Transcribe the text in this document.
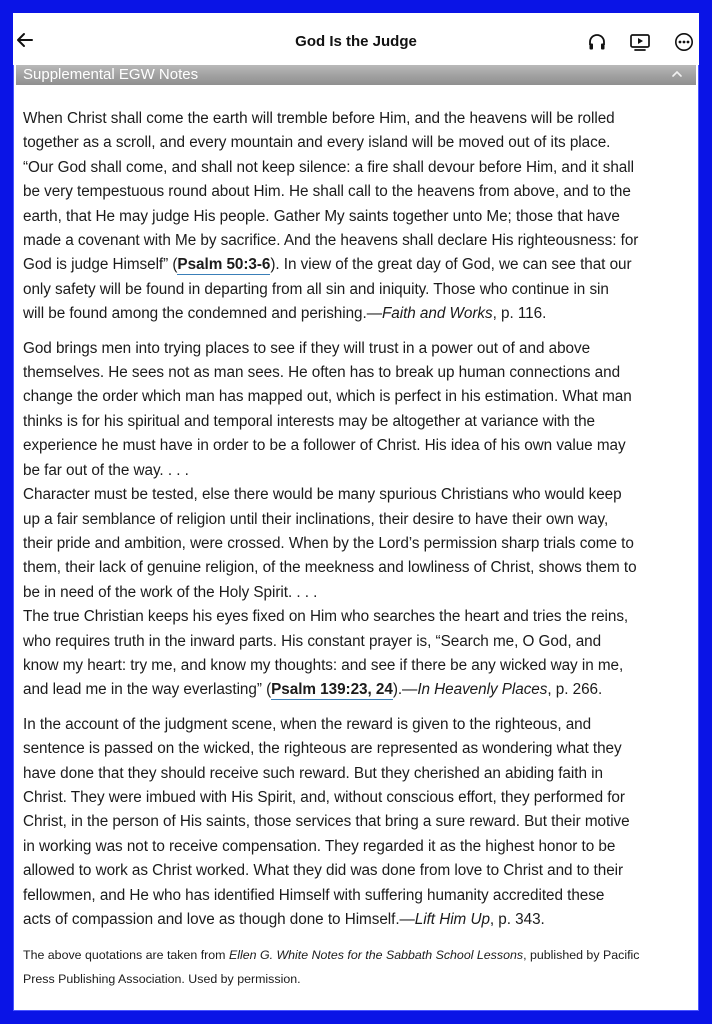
God Is the Judge
Supplemental EGW Notes

When Christ shall come the earth will tremble before Him, and the heavens will be rolled
together as a scroll, and every mountain and every island will be moved out of its place.
“Our God shall come, and shall not keep silence: a fire shall devour before Him, and it shall
be very tempestuous round about Him. He shall call to the heavens from above, and to the
earth, that He may judge His people. Gather My saints together unto Me; those that have
made a covenant with Me by sacrifice. And the heavens shall declare His righteousness: for
God is judge Himself” (Psalm 50:3-6). In view of the great day of God, we can see that our
only safety will be found in departing from all sin and iniquity. Those who continue in sin
will be found among the condemned and perishing.—Faith and Works, p. 116.

God brings men into trying places to see if they will trust in a power out of and above
themselves. He sees not as man sees. He often has to break up human connections and
change the order which man has mapped out, which is perfect in his estimation. What man
thinks is for his spiritual and temporal interests may be altogether at variance with the
experience he must have in order to be a follower of Christ. His idea of his own value may
be far out of the way. . . .
Character must be tested, else there would be many spurious Christians who would keep
up a fair semblance of religion until their inclinations, their desire to have their own way,
their pride and ambition, were crossed. When by the Lord’s permission sharp trials come to
them, their lack of genuine religion, of the meekness and lowliness of Christ, shows them to
be in need of the work of the Holy Spirit. . . .
The true Christian keeps his eyes fixed on Him who searches the heart and tries the reins,
who requires truth in the inward parts. His constant prayer is, “Search me, O God, and
know my heart: try me, and know my thoughts: and see if there be any wicked way in me,
and lead me in the way everlasting” (Psalm 139:23, 24).—In Heavenly Places, p. 266.

In the account of the judgment scene, when the reward is given to the righteous, and
sentence is passed on the wicked, the righteous are represented as wondering what they
have done that they should receive such reward. But they cherished an abiding faith in
Christ. They were imbued with His Spirit, and, without conscious effort, they performed for
Christ, in the person of His saints, those services that bring a sure reward. But their motive
in working was not to receive compensation. They regarded it as the highest honor to be
allowed to work as Christ worked. What they did was done from love to Christ and to their
fellowmen, and He who has identified Himself with suffering humanity accredited these
acts of compassion and love as though done to Himself.—Lift Him Up, p. 343.

The above quotations are taken from Ellen G. White Notes for the Sabbath School Lessons, published by Pacific
Press Publishing Association. Used by permission.
